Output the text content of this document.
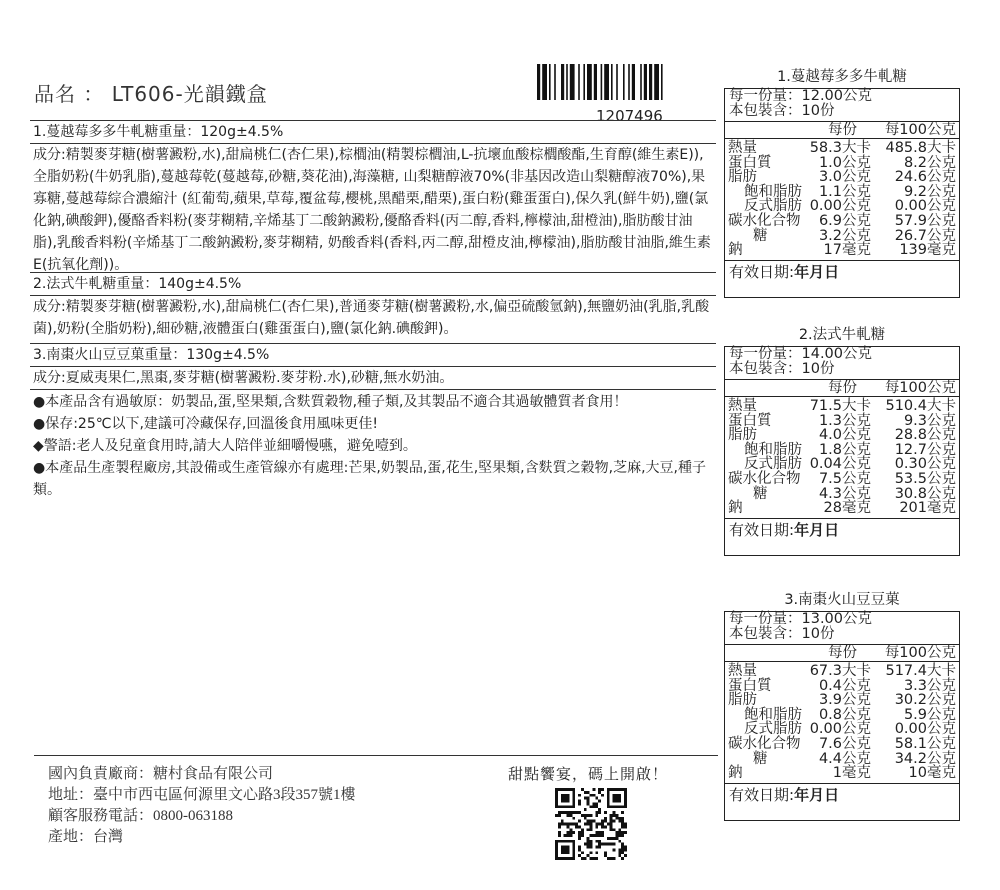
品名 ： LT606-光韻鐵盒
1207496
1.蔓越莓多多牛軋糖重量：120g±4.5%
成分:精製麥芽糖(樹薯澱粉,水),甜扁桃仁(杏仁果),棕櫚油(精製棕櫚油,L-抗壞血酸棕櫚酸酯,生育醇(維生素E)),全脂奶粉(牛奶乳脂),蔓越莓乾(蔓越莓,砂糖,葵花油),海藻糖, 山梨糖醇液70%(非基因改造山梨糖醇液70%),果寡糖,蔓越莓綜合濃縮汁 (紅葡萄,蘋果,草莓,覆盆莓,櫻桃,黑醋栗,醋栗),蛋白粉(雞蛋蛋白),保久乳(鮮牛奶),鹽(氯化鈉,碘酸鉀),優酪香料粉(麥芽糊精,辛烯基丁二酸鈉澱粉,優酪香料(丙二醇,香料,檸檬油,甜橙油),脂肪酸甘油脂),乳酸香料粉(辛烯基丁二酸鈉澱粉,麥芽糊精, 奶酸香料(香料,丙二醇,甜橙皮油,檸檬油),脂肪酸甘油脂,維生素E(抗氧化劑))。
2.法式牛軋糖重量：140g±4.5%
成分:精製麥芽糖(樹薯澱粉,水),甜扁桃仁(杏仁果),普通麥芽糖(樹薯澱粉,水,偏亞硫酸氫鈉),無鹽奶油(乳脂,乳酸菌),奶粉(全脂奶粉),細砂糖,液體蛋白(雞蛋蛋白),鹽(氯化鈉.碘酸鉀)。
3.南棗火山豆豆菓重量：130g±4.5%
成分:夏威夷果仁,黑棗,麥芽糖(樹薯澱粉.麥芽粉.水),砂糖,無水奶油。
●本產品含有過敏原：奶製品,蛋,堅果類,含麩質穀物,種子類,及其製品不適合其過敏體質者食用！
●保存:25℃以下,建議可冷藏保存,回溫後食用風味更佳!
◆警語:老人及兒童食用時,請大人陪伴並細嚼慢嚥，避免噎到。
●本產品生產製程廠房,其設備或生產管線亦有處理:芒果,奶製品,蛋,花生,堅果類,含麩質之穀物,芝麻,大豆,種子類。
國內負責廠商：糖村食品有限公司
地址：臺中市西屯區何源里文心路3段357號1樓
顧客服務電話：0800-063188
產地：台灣
甜點饗宴，碼上開啟！
1.蔓越莓多多牛軋糖
每一份量：12.00公克
本包裝含：10份
每份 每100公克
熱量	58.3大卡 485.8大卡
蛋白質	1.0公克 8.2公克
脂肪	3.0公克 24.6公克
飽和脂肪 1.1公克 9.2公克
反式脂肪 0.00公克 0.00公克
碳水化合物 6.9公克 57.9公克
糖	3.2公克 26.7公克
鈉	17毫克 139毫克
有效日期:年月日
2.法式牛軋糖
每一份量：14.00公克
本包裝含：10份
每份 每100公克
熱量	71.5大卡 510.4大卡
蛋白質	1.3公克 9.3公克
脂肪	4.0公克 28.8公克
飽和脂肪 1.8公克 12.7公克
反式脂肪 0.04公克 0.30公克
碳水化合物 7.5公克 53.5公克
糖	4.3公克 30.8公克
鈉	28毫克 201毫克
有效日期:年月日
3.南棗火山豆豆菓
每一份量：13.00公克
本包裝含：10份
每份 每100公克
熱量	67.3大卡 517.4大卡
蛋白質	0.4公克 3.3公克
脂肪	3.9公克 30.2公克
飽和脂肪 0.8公克 5.9公克
反式脂肪 0.00公克 0.00公克
碳水化合物 7.6公克 58.1公克
糖	4.4公克 34.2公克
鈉	1毫克	10毫克
有效日期:年月日
